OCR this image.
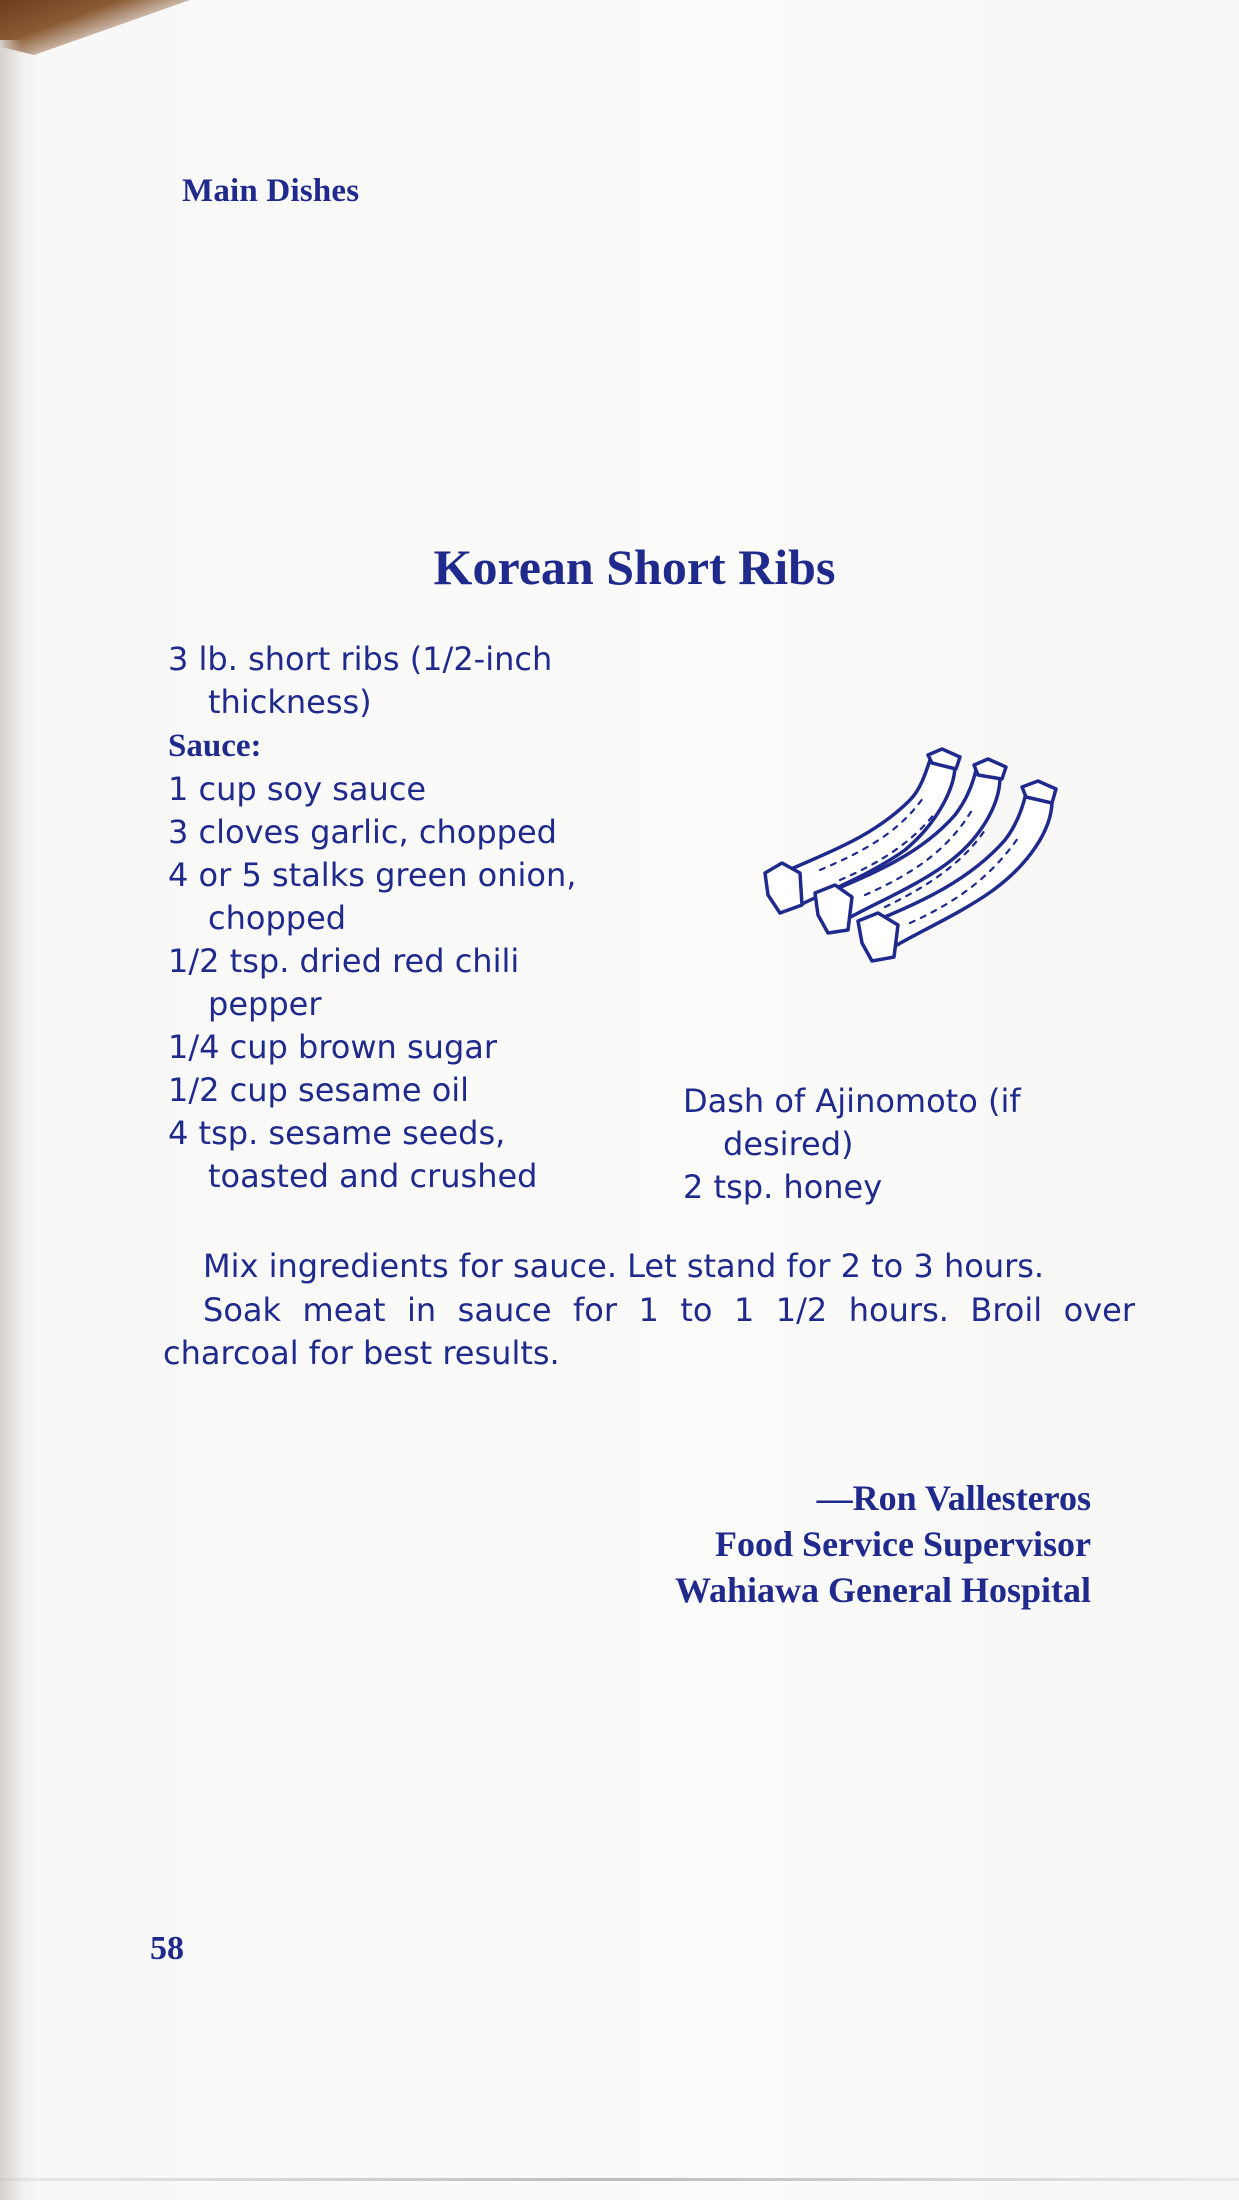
Main Dishes
Korean Short Ribs
3 lb. short ribs (1/2-inch
thickness)
Sauce:
1 cup soy sauce
3 cloves garlic, chopped
4 or 5 stalks green onion,
chopped
1/2 tsp. dried red chili
pepper
1/4 cup brown sugar
1/2 cup sesame oil
4 tsp. sesame seeds,
toasted and crushed
Dash of Ajinomoto (if
desired)
2 tsp. honey

Mix ingredients for sauce. Let stand for 2 to 3 hours.

Soak meat in sauce for 1 to 1 1/2 hours. Broil over charcoal for best results.

—Ron Vallesteros
Food Service Supervisor
Wahiawa General Hospital
58
